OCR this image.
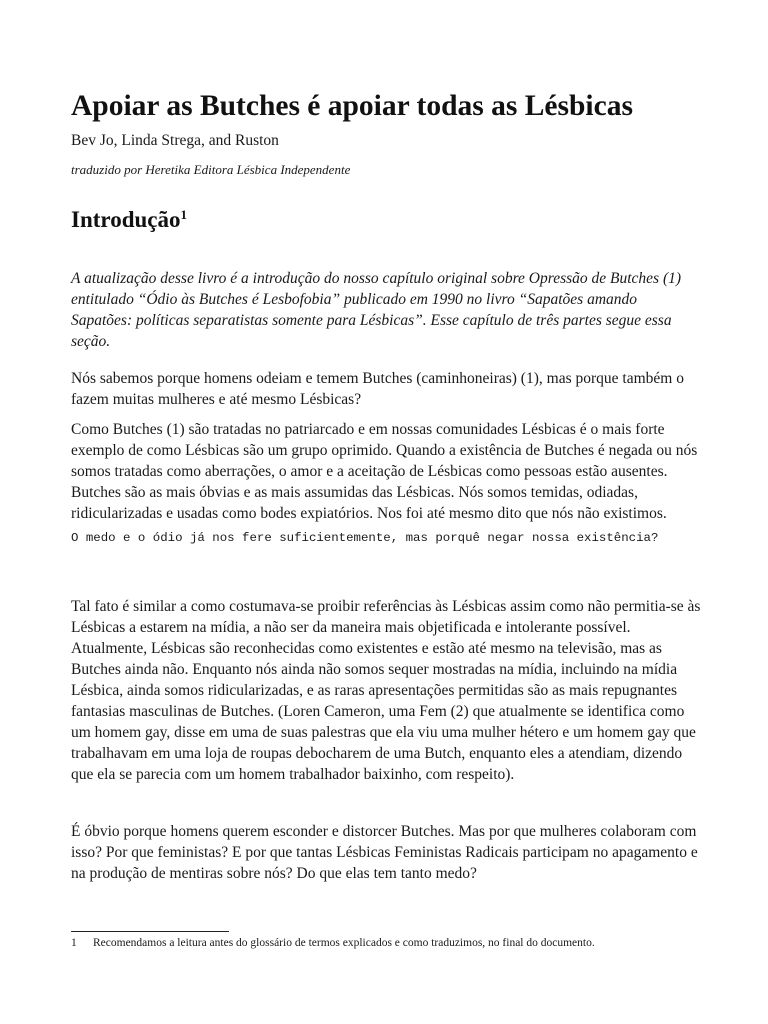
Apoiar as Butches é apoiar todas as Lésbicas
Bev Jo, Linda Strega, and Ruston
traduzido por Heretika Editora Lésbica Independente
Introdução$^1$

A atualização desse livro é a introdução do nosso capítulo original sobre Opressão de Butches (1) entitulado “Ódio às Butches é Lesbofobia” publicado em 1990 no livro “Sapatões amando Sapatões: políticas separatistas somente para Lésbicas”. Esse capítulo de três partes segue essa seção.

Nós sabemos porque homens odeiam e temem Butches (caminhoneiras) (1), mas porque também o fazem muitas mulheres e até mesmo Lésbicas?

Como Butches (1) são tratadas no patriarcado e em nossas comunidades Lésbicas é o mais forte exemplo de como Lésbicas são um grupo oprimido. Quando a existência de Butches é negada ou nós somos tratadas como aberrações, o amor e a aceitação de Lésbicas como pessoas estão ausentes. Butches são as mais óbvias e as mais assumidas das Lésbicas. Nós somos temidas, odiadas, ridicularizadas e usadas como bodes expiatórios. Nos foi até mesmo dito que nós não existimos.

O medo e o ódio já nos fere suficientemente, mas porquê negar nossa existência?

Tal fato é similar a como costumava-se proibir referências às Lésbicas assim como não permitia-se às Lésbicas a estarem na mídia, a não ser da maneira mais objetificada e intolerante possível. Atualmente, Lésbicas são reconhecidas como existentes e estão até mesmo na televisão, mas as Butches ainda não. Enquanto nós ainda não somos sequer mostradas na mídia, incluindo na mídia Lésbica, ainda somos ridicularizadas, e as raras apresentações permitidas são as mais repugnantes fantasias masculinas de Butches. (Loren Cameron, uma Fem (2) que atualmente se identifica como um homem gay, disse em uma de suas palestras que ela viu uma mulher hétero e um homem gay que trabalhavam em uma loja de roupas debocharem de uma Butch, enquanto eles a atendiam, dizendo que ela se parecia com um homem trabalhador baixinho, com respeito).

É óbvio porque homens querem esconder e distorcer Butches. Mas por que mulheres colaboram com isso? Por que feministas? E por que tantas Lésbicas Feministas Radicais participam no apagamento e na produção de mentiras sobre nós? Do que elas tem tanto medo?

1 Recomendamos a leitura antes do glossário de termos explicados e como traduzimos, no final do documento.
